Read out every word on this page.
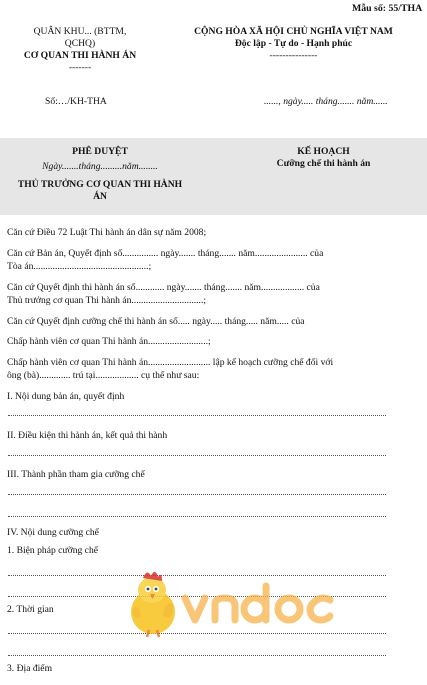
Mẫu số: 55/THA
QUÂN KHU... (BTTM,
QCHQ)
CƠ QUAN THI HÀNH ÁN
-------
Số:…/KH-THA
CỘNG HÒA XÃ HỘI CHỦ NGHĨA VIỆT NAM
Độc lập - Tự do - Hạnh phúc
---------------
......, ngày..... tháng....... năm......
PHÊ DUYỆT
Ngày.......tháng.........năm........
THỦ TRƯỞNG CƠ QUAN THI HÀNH
ÁN
KẾ HOẠCH
Cưỡng chế thi hành án
Căn cứ Điều 72 Luật Thi hành án dân sự năm 2008;
Căn cứ Bản án, Quyết định số............... ngày....... tháng....... năm...................... của
Tòa án................................................;
Căn cứ Quyết định thi hành án số............ ngày....... tháng....... năm.................. của
Thủ trưởng cơ quan Thi hành án..............................;
Căn cứ Quyết định cưỡng chế thi hành án số..... ngày..... tháng..... năm..... của
Chấp hành viên cơ quan Thi hành án.........................;
Chấp hành viên cơ quan Thi hành án.......................... lập kế hoạch cưỡng chế đối với
ông (bà)............. trú tại.................. cụ thể như sau:
I. Nội dung bản án, quyết định
II. Điều kiện thi hành án, kết quả thi hành
III. Thành phần tham gia cưỡng chế
IV. Nội dung cưỡng chế
1. Biện pháp cưỡng chế
2. Thời gian
3. Địa điểm
